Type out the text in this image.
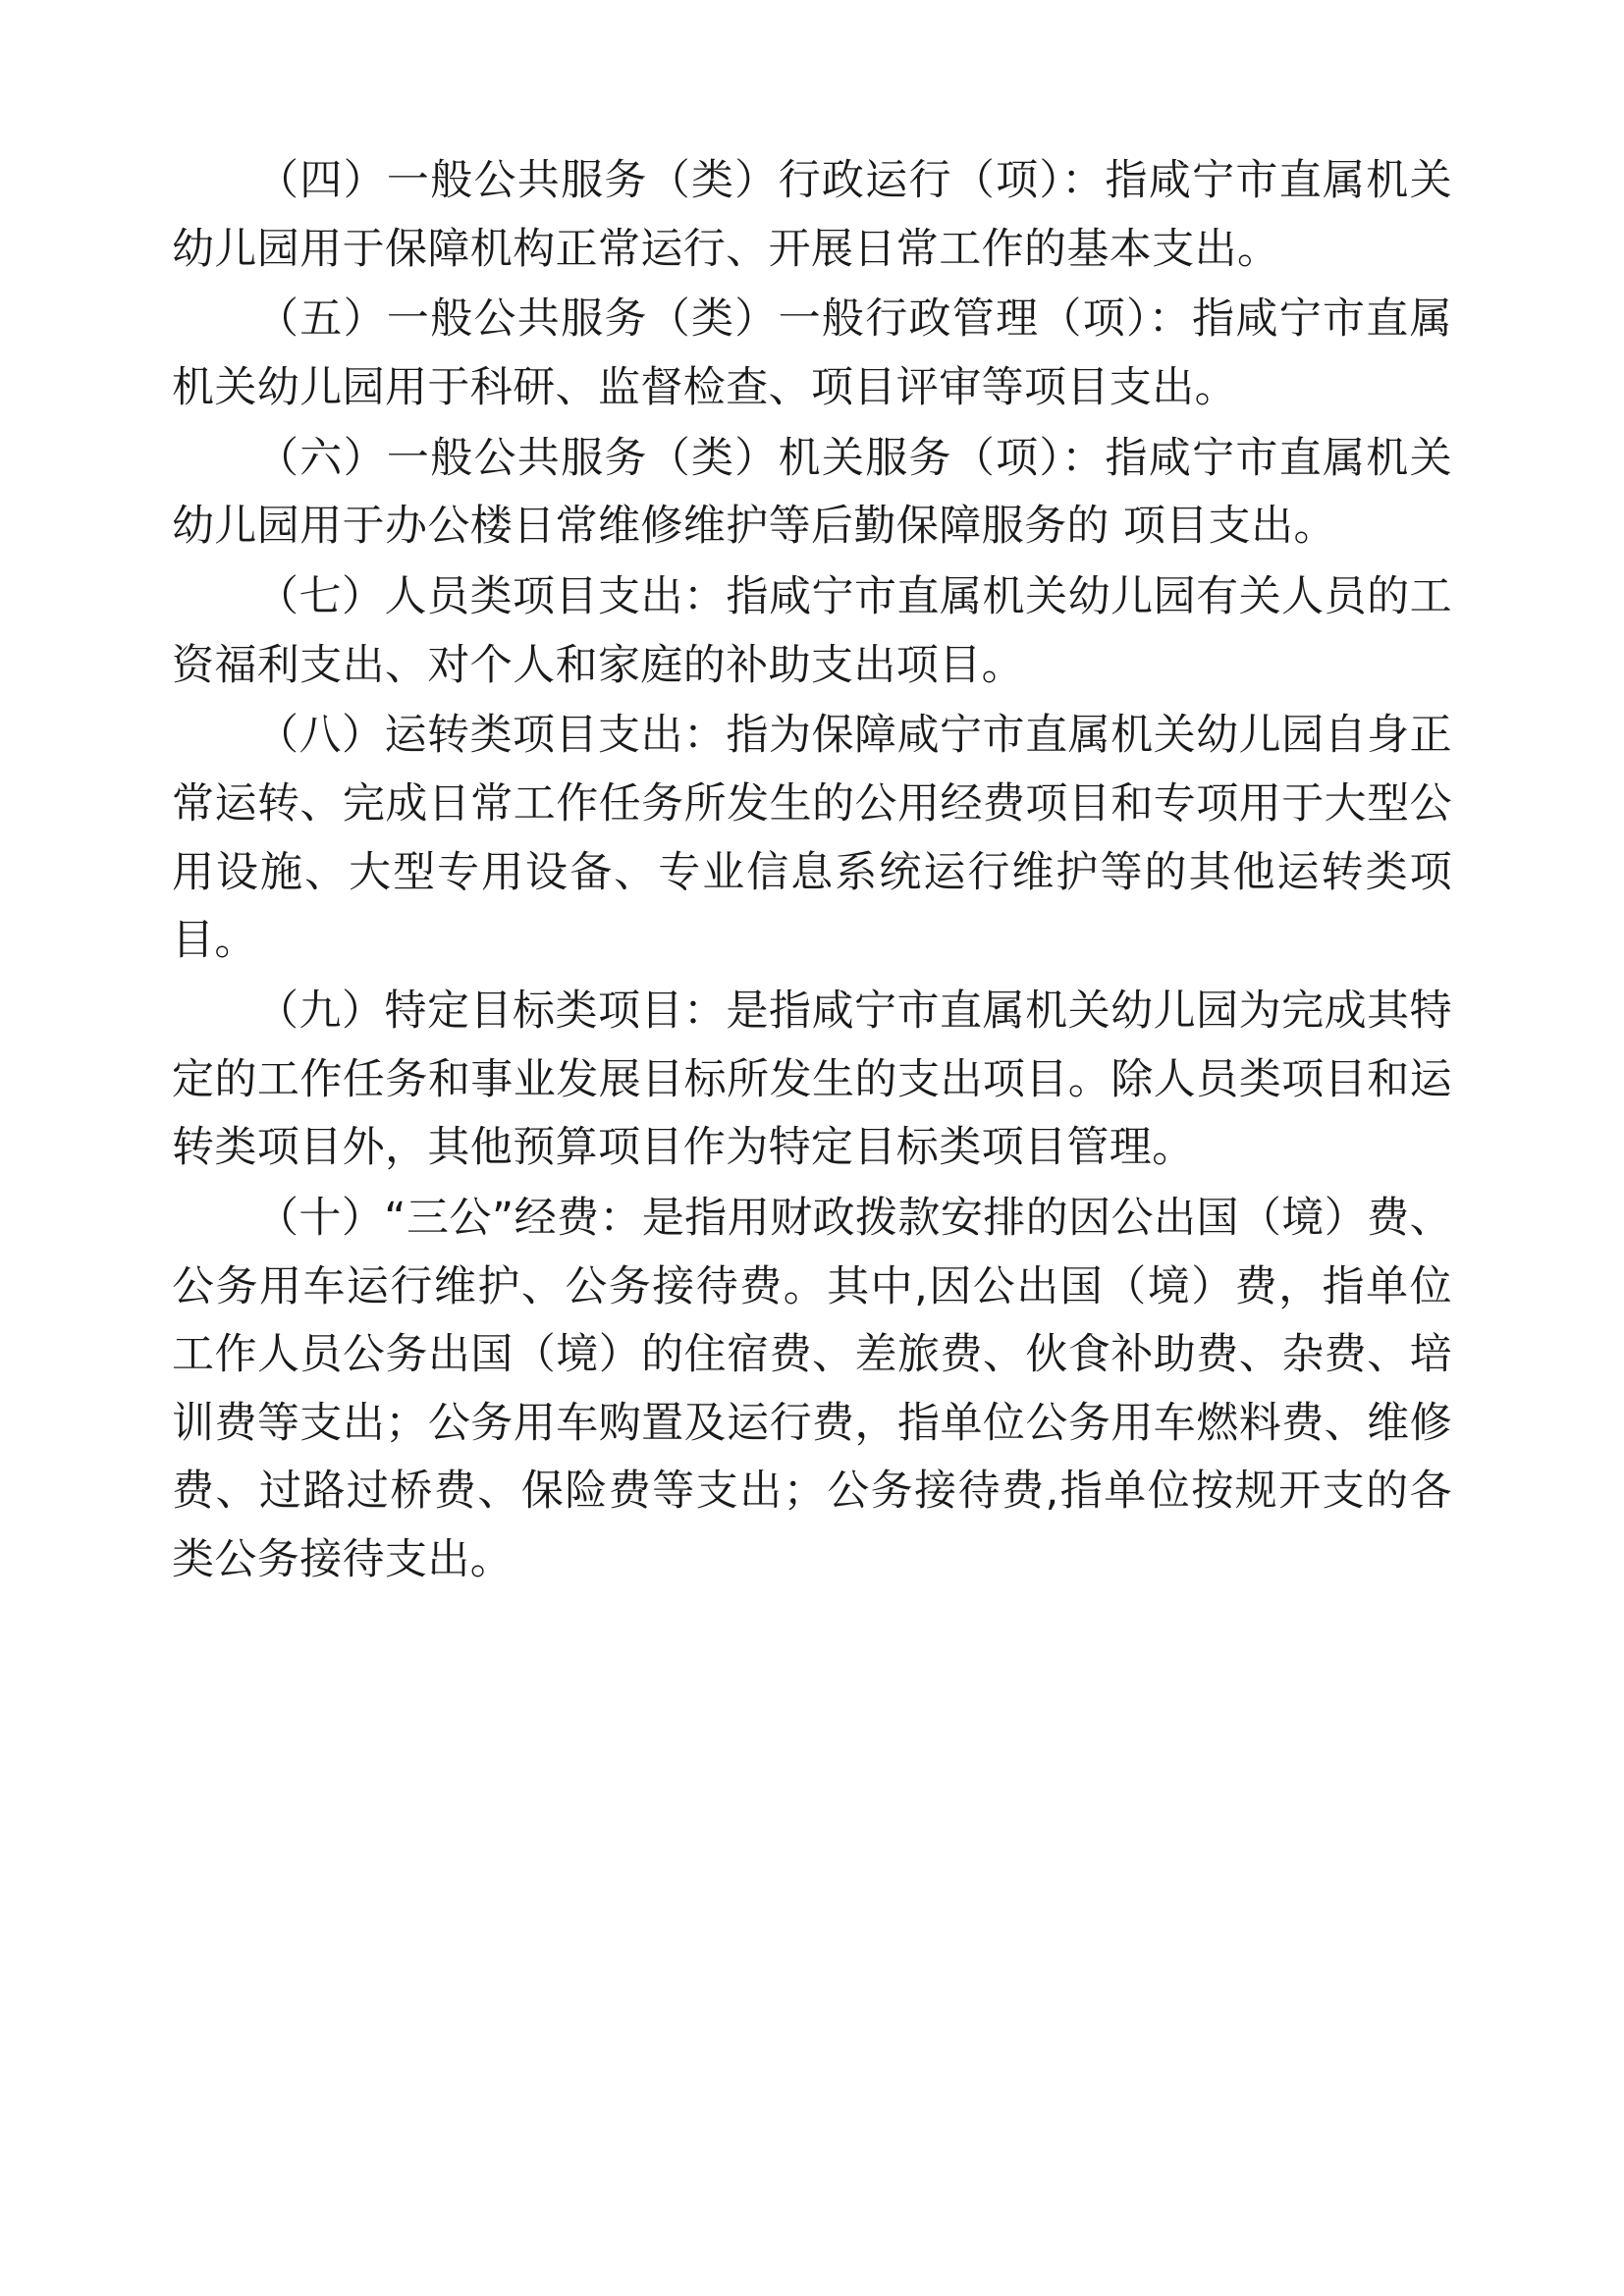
（四）一般公共服务（类）行政运行（项）：指咸宁市直属机关幼儿园用于保障机构正常运行、开展日常工作的基本支出。

（五）一般公共服务（类）一般行政管理（项）：指咸宁市直属机关幼儿园用于科研、监督检查、项目评审等项目支出。

（六）一般公共服务（类）机关服务（项）：指咸宁市直属机关幼儿园用于办公楼日常维修维护等后勤保障服务的 项目支出。

（七）人员类项目支出：指咸宁市直属机关幼儿园有关人员的工资福利支出、对个人和家庭的补助支出项目。

（八）运转类项目支出：指为保障咸宁市直属机关幼儿园自身正常运转、完成日常工作任务所发生的公用经费项目和专项用于大型公用设施、大型专用设备、专业信息系统运行维护等的其他运转类项目。

（九）特定目标类项目：是指咸宁市直属机关幼儿园为完成其特定的工作任务和事业发展目标所发生的支出项目。除人员类项目和运转类项目外，其他预算项目作为特定目标类项目管理。

（十）“三公”经费：是指用财政拨款安排的因公出国（境）费、公务用车运行维护、公务接待费。其中,因公出国（境）费，指单位工作人员公务出国（境）的住宿费、差旅费、伙食补助费、杂费、培训费等支出；公务用车购置及运行费，指单位公务用车燃料费、维修费、过路过桥费、保险费等支出；公务接待费,指单位按规开支的各类公务接待支出。
